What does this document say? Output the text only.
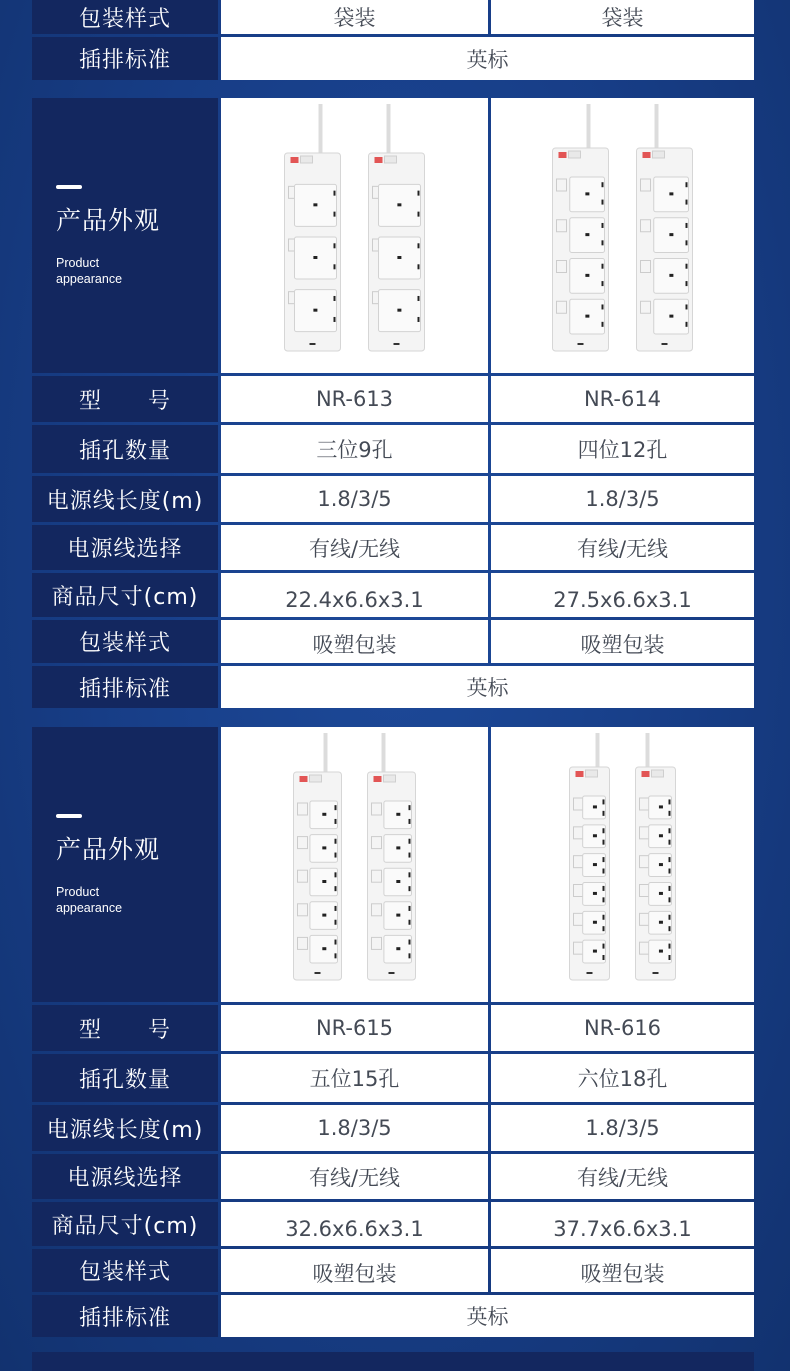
包装样式	袋装	袋装
插排标准	英标
产品外观
Product
appearance
型　　号	NR-613	NR-614
插孔数量	三位9孔	四位12孔
电源线长度(m)	1.8/3/5	1.8/3/5
电源线选择	有线/无线	有线/无线
商品尺寸(cm)	22.4x6.6x3.1	27.5x6.6x3.1
包装样式	吸塑包装	吸塑包装
插排标准	英标
产品外观
Product
appearance
型　　号	NR-615	NR-616
插孔数量	五位15孔	六位18孔
电源线长度(m)	1.8/3/5	1.8/3/5
电源线选择	有线/无线	有线/无线
商品尺寸(cm)	32.6x6.6x3.1	37.7x6.6x3.1
包装样式	吸塑包装	吸塑包装
插排标准	英标
